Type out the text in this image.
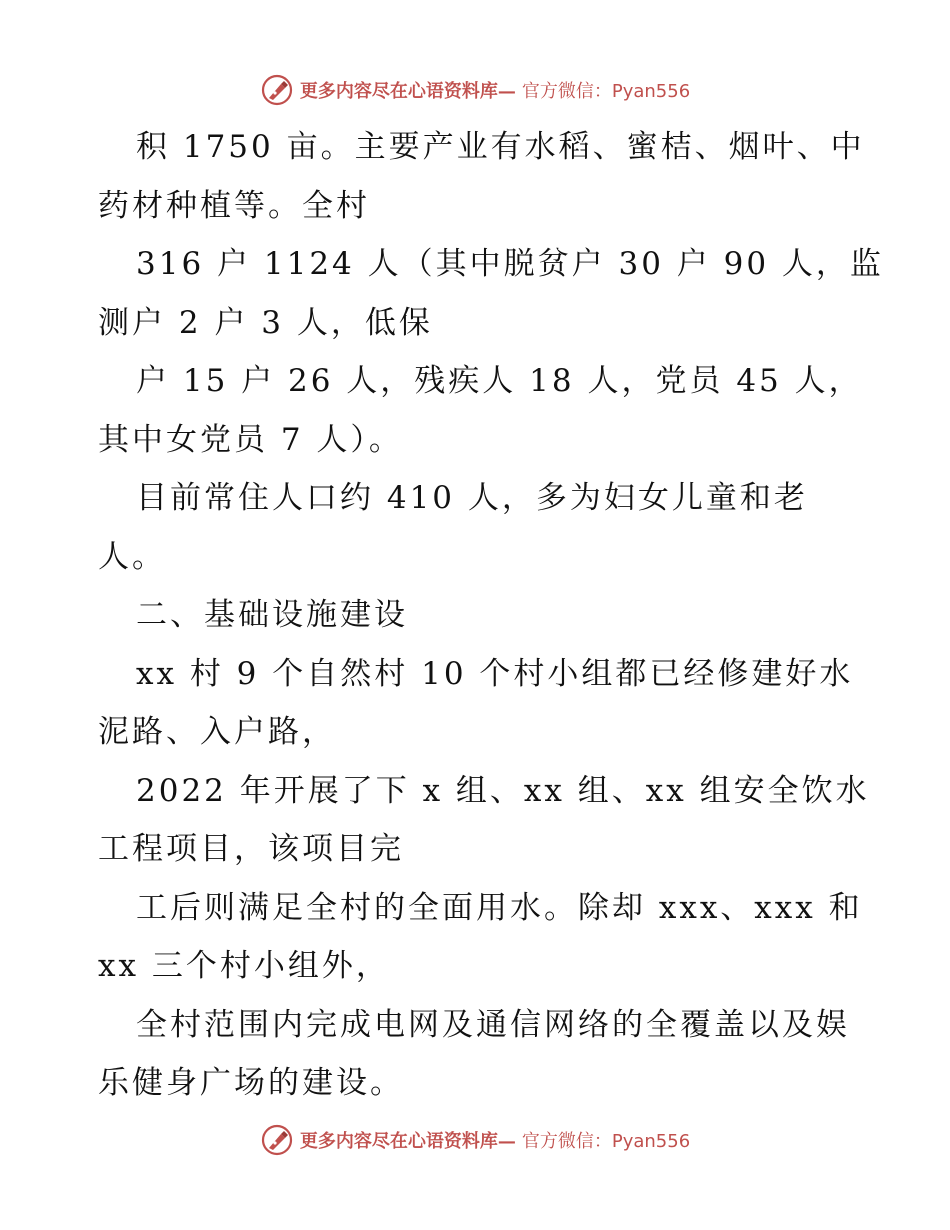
更多内容尽在心语资料库— 官方微信：Pyan556
积 1750 亩。主要产业有水稻、蜜桔、烟叶、中
药材种植等。全村
316 户 1124 人（其中脱贫户 30 户 90 人，监
测户 2 户 3 人，低保
户 15 户 26 人，残疾人 18 人，党员 45 人，
其中女党员 7 人）。
目前常住人口约 410 人，多为妇女儿童和老
人。
二、基础设施建设
xx 村 9 个自然村 10 个村小组都已经修建好水
泥路、入户路，
2022 年开展了下 x 组、xx 组、xx 组安全饮水
工程项目，该项目完
工后则满足全村的全面用水。除却 xxx、xxx 和
xx 三个村小组外，
全村范围内完成电网及通信网络的全覆盖以及娱
乐健身广场的建设。
更多内容尽在心语资料库— 官方微信：Pyan556
